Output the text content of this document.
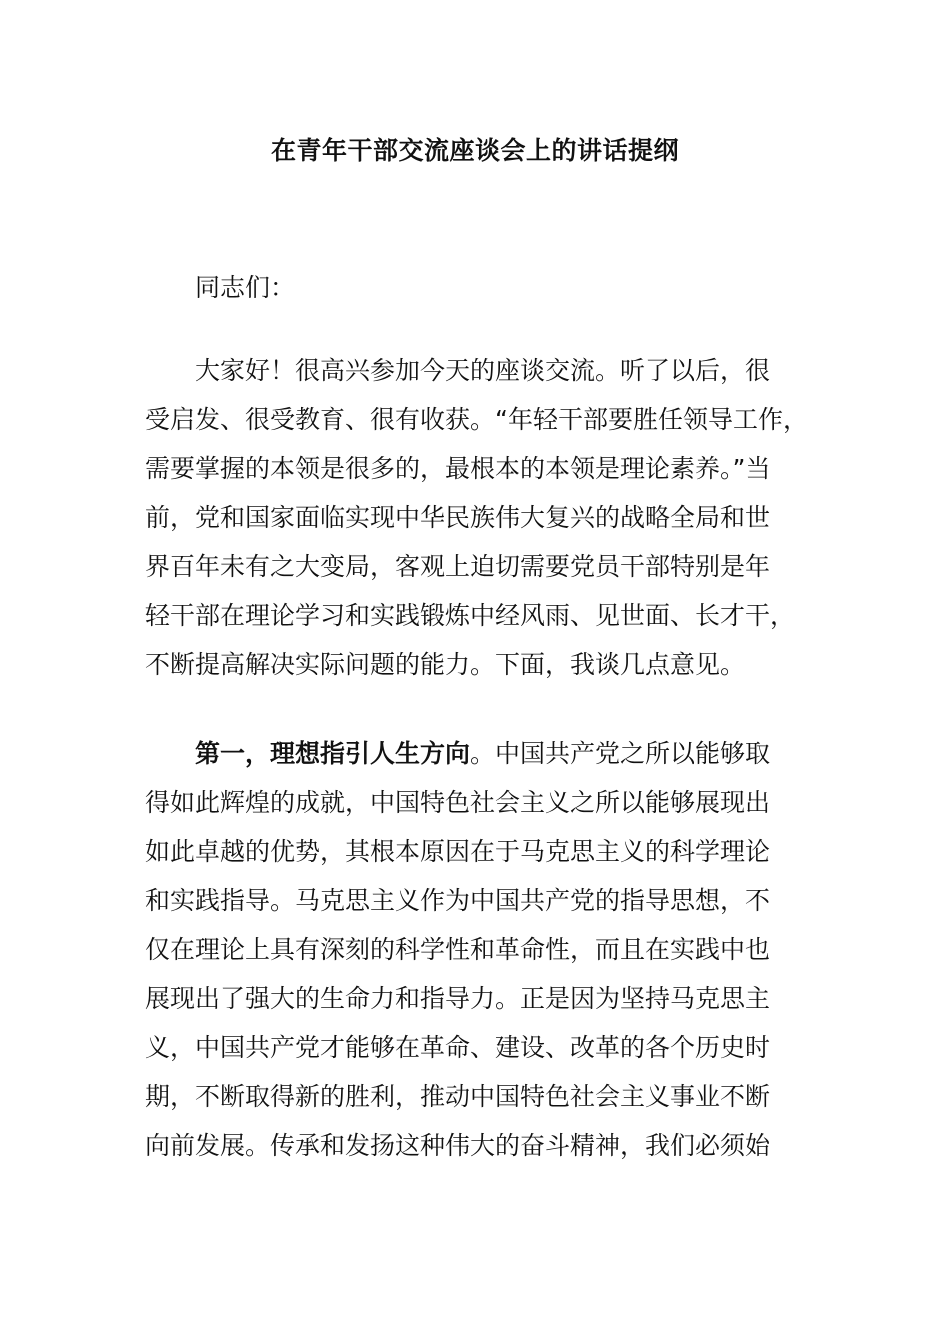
在青年干部交流座谈会上的讲话提纲
同志们：
大家好！很高兴参加今天的座谈交流。听了以后，很
受启发、很受教育、很有收获。“年轻干部要胜任领导工作，
需要掌握的本领是很多的，最根本的本领是理论素养。”当
前，党和国家面临实现中华民族伟大复兴的战略全局和世
界百年未有之大变局，客观上迫切需要党员干部特别是年
轻干部在理论学习和实践锻炼中经风雨、见世面、长才干，
不断提高解决实际问题的能力。下面，我谈几点意见。
第一，理想指引人生方向。中国共产党之所以能够取
得如此辉煌的成就，中国特色社会主义之所以能够展现出
如此卓越的优势，其根本原因在于马克思主义的科学理论
和实践指导。马克思主义作为中国共产党的指导思想，不
仅在理论上具有深刻的科学性和革命性，而且在实践中也
展现出了强大的生命力和指导力。正是因为坚持马克思主
义，中国共产党才能够在革命、建设、改革的各个历史时
期，不断取得新的胜利，推动中国特色社会主义事业不断
向前发展。传承和发扬这种伟大的奋斗精神，我们必须始
